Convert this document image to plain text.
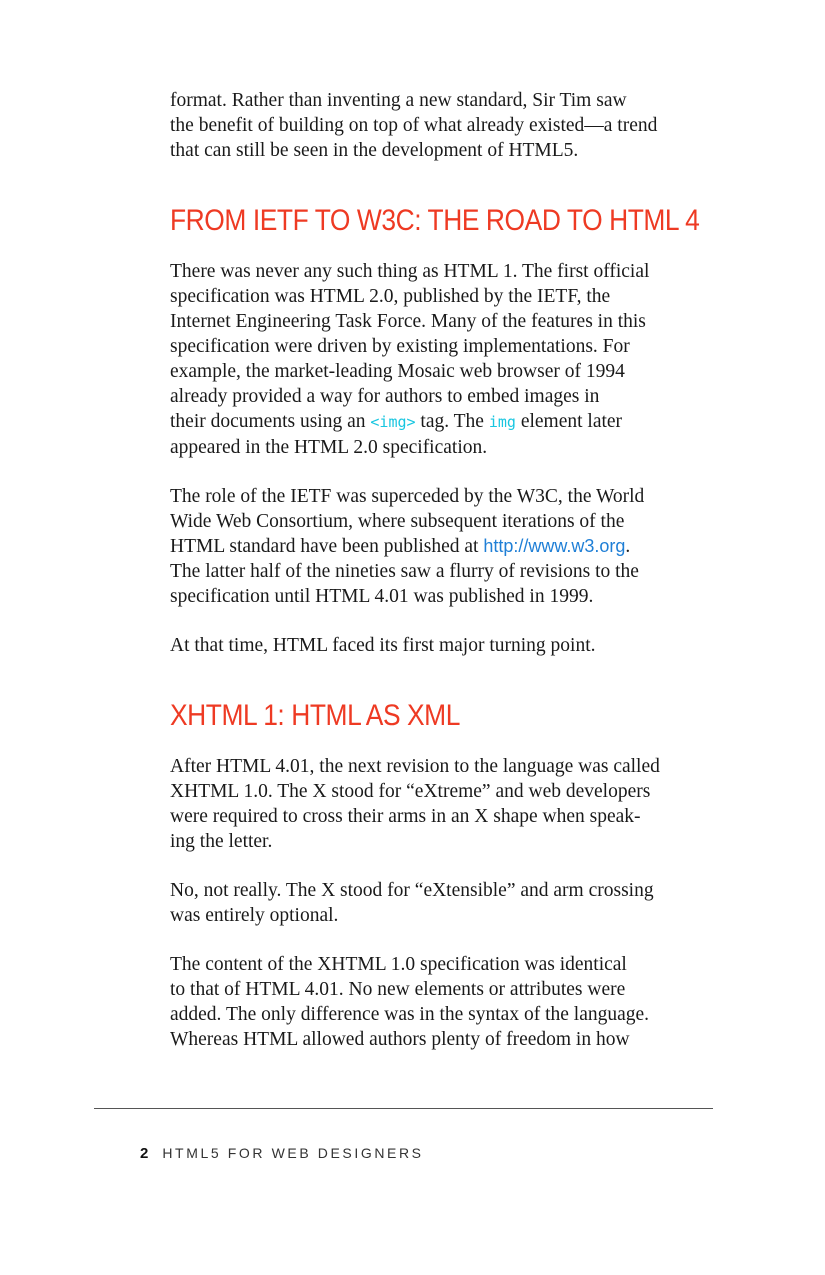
format. Rather than inventing a new standard, Sir Tim saw
the benefit of building on top of what already existed—a trend
that can still be seen in the development of HTML5.

FROM IETF TO W3C: THE ROAD TO HTML 4

There was never any such thing as HTML 1. The first official
specification was HTML 2.0, published by the IETF, the
Internet Engineering Task Force. Many of the features in this
specification were driven by existing implementations. For
example, the market-leading Mosaic web browser of 1994
already provided a way for authors to embed images in
their documents using an <img> tag. The img element later
appeared in the HTML 2.0 specification.

The role of the IETF was superceded by the W3C, the World
Wide Web Consortium, where subsequent iterations of the
HTML standard have been published at http://www.w3.org.
The latter half of the nineties saw a flurry of revisions to the
specification until HTML 4.01 was published in 1999.

At that time, HTML faced its first major turning point.

XHTML 1: HTML AS XML

After HTML 4.01, the next revision to the language was called
XHTML 1.0. The X stood for “eXtreme” and web developers
were required to cross their arms in an X shape when speak-
ing the letter.

No, not really. The X stood for “eXtensible” and arm crossing
was entirely optional.

The content of the XHTML 1.0 specification was identical
to that of HTML 4.01. No new elements or attributes were
added. The only difference was in the syntax of the language.
Whereas HTML allowed authors plenty of freedom in how

2 HTML5 FOR WEB DESIGNERS
